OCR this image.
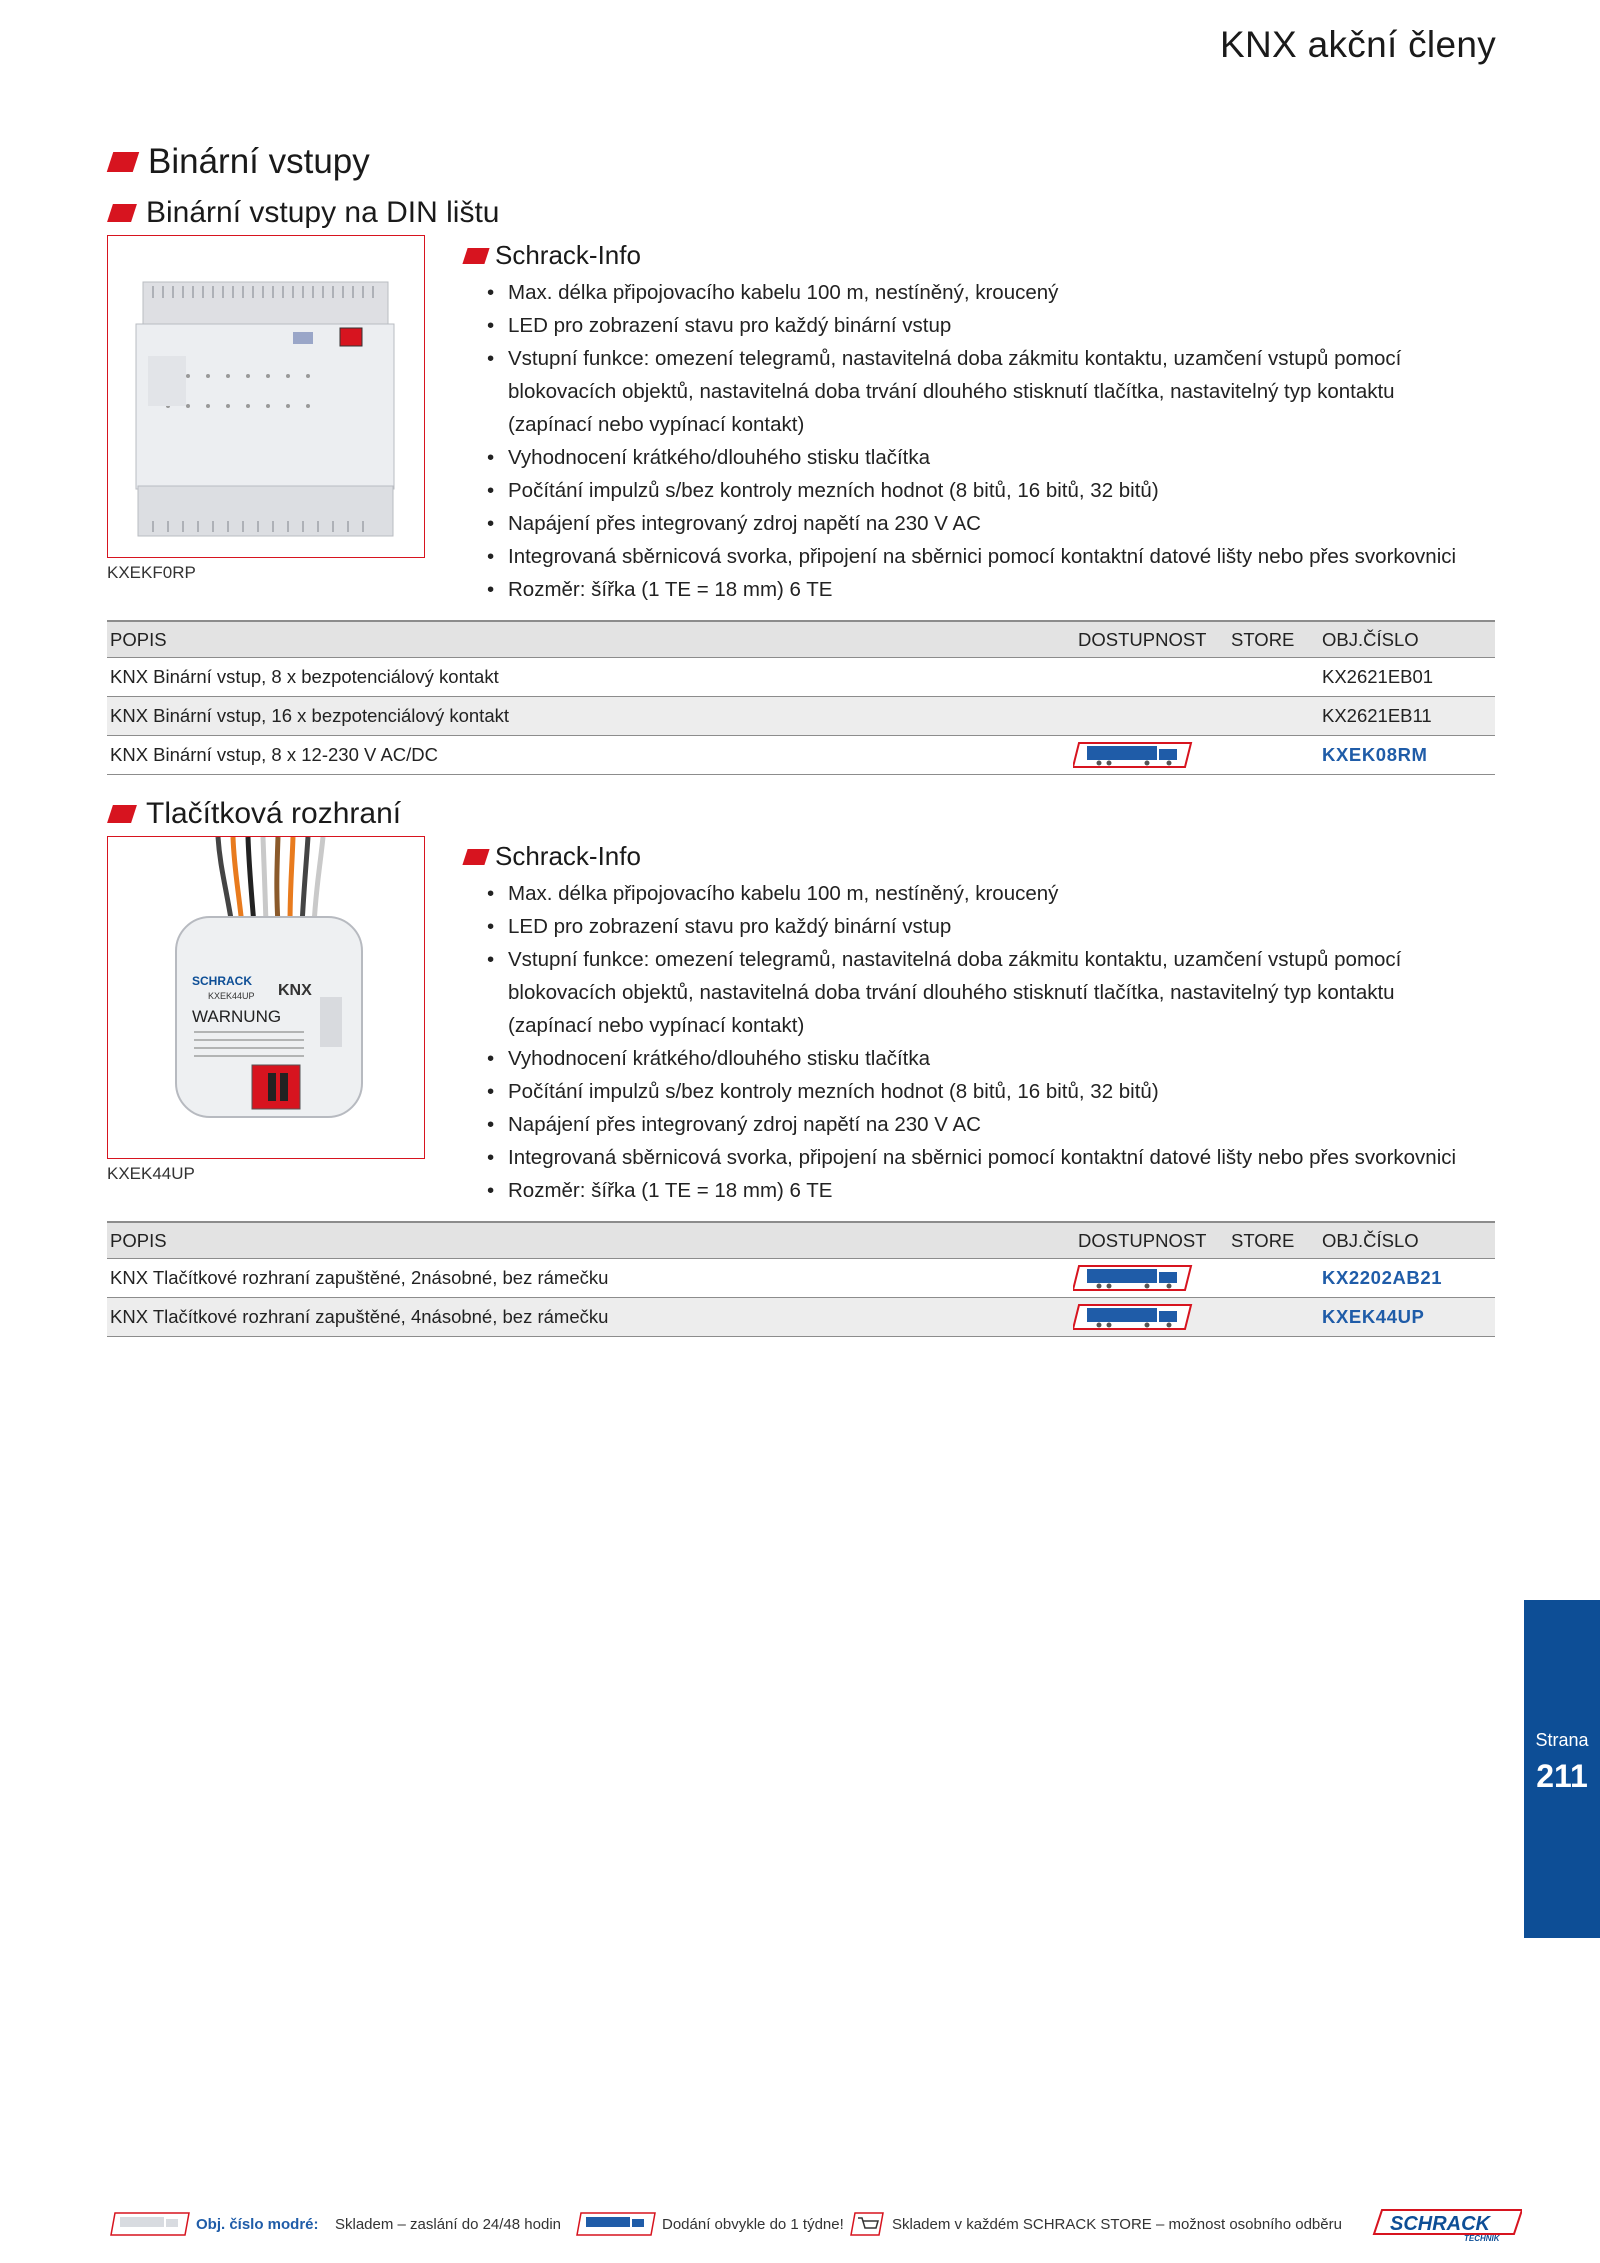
KNX akční členy
Binární vstupy
Binární vstupy na DIN lištu
KXEKF0RP
Schrack-Info
• Max. délka připojovacího kabelu 100 m, nestíněný, kroucený
• LED pro zobrazení stavu pro každý binární vstup
• Vstupní funkce: omezení telegramů, nastavitelná doba zákmitu kontaktu, uzamčení vstupů pomocí blokovacích objektů, nastavitelná doba trvání dlouhého stisknutí tlačítka, nastavitelný typ kontaktu (zapínací nebo vypínací kontakt)
• Vyhodnocení krátkého/dlouhého stisku tlačítka
• Počítání impulzů s/bez kontroly mezních hodnot (8 bitů, 16 bitů, 32 bitů)
• Napájení přes integrovaný zdroj napětí na 230 V AC
• Integrovaná sběrnicová svorka, připojení na sběrnici pomocí kontaktní datové lišty nebo přes svorkovnici
• Rozměr: šířka (1 TE = 18 mm) 6 TE
POPIS	DOSTUPNOST STORE OBJ.ČÍSLO
KNX Binární vstup, 8 x bezpotenciálový kontakt	KX2621EB01
KNX Binární vstup, 16 x bezpotenciálový kontakt	KX2621EB11
KNX Binární vstup, 8 x 12-230 V AC/DC	KXEK08RM
Tlačítková rozhraní
SCHRACK
KXEK44UP KNX
WARNUNG
KXEK44UP
Schrack-Info
• Max. délka připojovacího kabelu 100 m, nestíněný, kroucený
• LED pro zobrazení stavu pro každý binární vstup
• Vstupní funkce: omezení telegramů, nastavitelná doba zákmitu kontaktu, uzamčení vstupů pomocí blokovacích objektů, nastavitelná doba trvání dlouhého stisknutí tlačítka, nastavitelný typ kontaktu (zapínací nebo vypínací kontakt)
• Vyhodnocení krátkého/dlouhého stisku tlačítka
• Počítání impulzů s/bez kontroly mezních hodnot (8 bitů, 16 bitů, 32 bitů)
• Napájení přes integrovaný zdroj napětí na 230 V AC
• Integrovaná sběrnicová svorka, připojení na sběrnici pomocí kontaktní datové lišty nebo přes svorkovnici
• Rozměr: šířka (1 TE = 18 mm) 6 TE
POPIS	DOSTUPNOST STORE OBJ.ČÍSLO
KNX Tlačítkové rozhraní zapuštěné, 2násobné, bez rámečku	KX2202AB21
KNX Tlačítkové rozhraní zapuštěné, 4násobné, bez rámečku	KXEK44UP
Strana
211
Obj. číslo modré: Skladem – zaslání do 24/48 hodin	Dodání obvykle do 1 týdne!	Skladem v každém SCHRACK STORE – možnost osobního odběru SCHRACK
TECHNIK
